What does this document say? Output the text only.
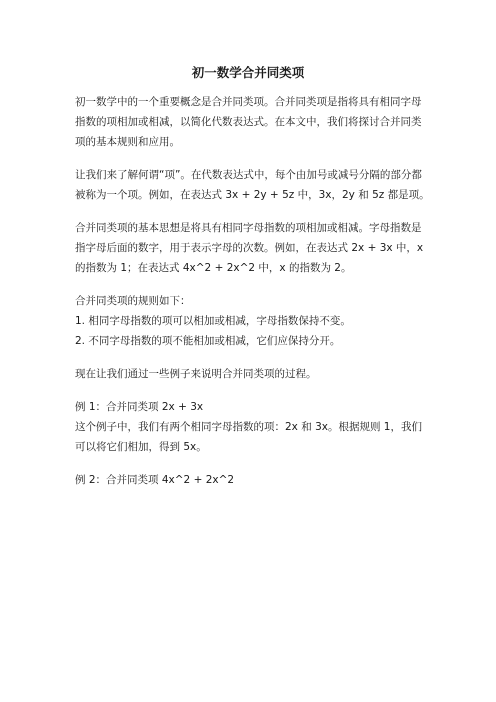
初一数学合并同类项

初一数学中的一个重要概念是合并同类项。合并同类项是指将具有相同字母指数的项相加或相减，以简化代数表达式。在本文中，我们将探讨合并同类项的基本规则和应用。

让我们来了解何谓“项”。在代数表达式中，每个由加号或减号分隔的部分都被称为一个项。例如，在表达式 3x + 2y + 5z 中，3x，2y 和 5z 都是项。

合并同类项的基本思想是将具有相同字母指数的项相加或相减。字母指数是指字母后面的数字，用于表示字母的次数。例如，在表达式 2x + 3x 中，x 的指数为 1；在表达式 4x^2 + 2x^2 中，x 的指数为 2。

合并同类项的规则如下：

1. 相同字母指数的项可以相加或相减，字母指数保持不变。

2. 不同字母指数的项不能相加或相减，它们应保持分开。

现在让我们通过一些例子来说明合并同类项的过程。

例 1：合并同类项 2x + 3x

这个例子中，我们有两个相同字母指数的项：2x 和 3x。根据规则 1，我们可以将它们相加，得到 5x。

例 2：合并同类项 4x^2 + 2x^2
